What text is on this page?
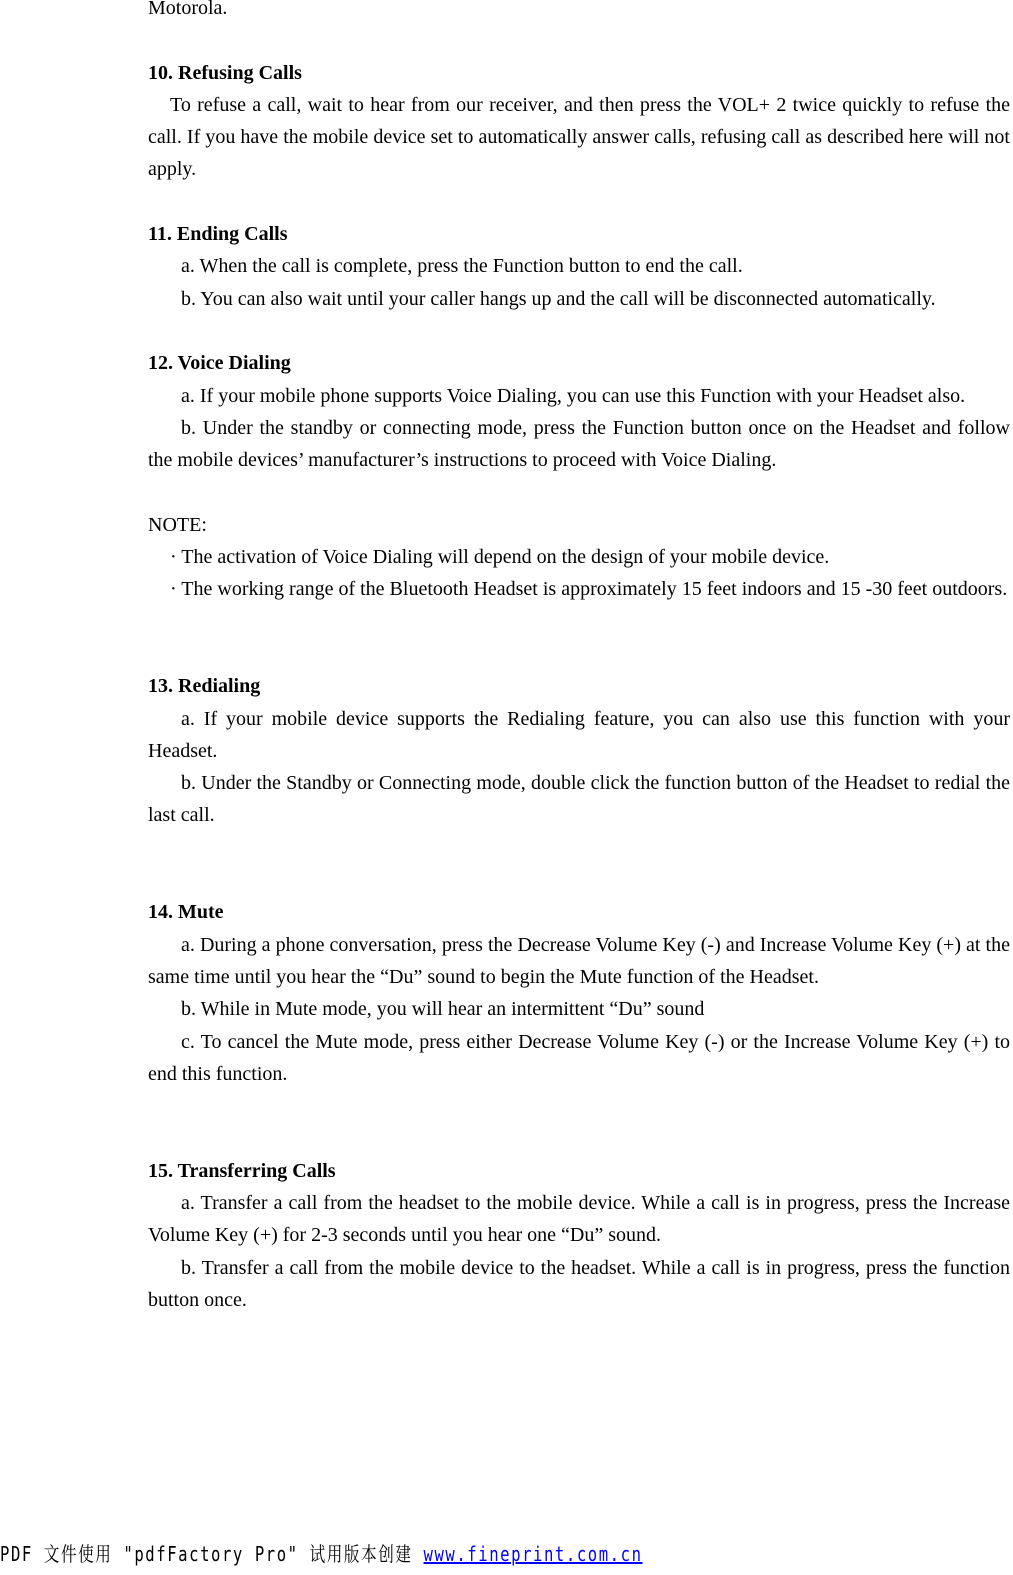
Motorola.

10. Refusing Calls

To refuse a call, wait to hear from our receiver, and then press the VOL+ 2 twice quickly to refuse the call. If you have the mobile device set to automatically answer calls, refusing call as described here will not apply.

11. Ending Calls

a. When the call is complete, press the Function button to end the call.

b. You can also wait until your caller hangs up and the call will be disconnected automatically.

12. Voice Dialing

a. If your mobile phone supports Voice Dialing, you can use this Function with your Headset also.

b. Under the standby or connecting mode, press the Function button once on the Headset and follow the mobile devices’ manufacturer’s instructions to proceed with Voice Dialing.

NOTE:

· The activation of Voice Dialing will depend on the design of your mobile device.

· The working range of the Bluetooth Headset is approximately 15 feet indoors and 15 -30 feet outdoors.

13. Redialing

a. If your mobile device supports the Redialing feature, you can also use this function with your Headset.

b. Under the Standby or Connecting mode, double click the function button of the Headset to redial the last call.

14. Mute

a. During a phone conversation, press the Decrease Volume Key (-) and Increase Volume Key (+) at the same time until you hear the “Du” sound to begin the Mute function of the Headset.

b. While in Mute mode, you will hear an intermittent “Du” sound

c. To cancel the Mute mode, press either Decrease Volume Key (-) or the Increase Volume Key (+) to end this function.

15. Transferring Calls

a. Transfer a call from the headset to the mobile device. While a call is in progress, press the Increase Volume Key (+) for 2-3 seconds until you hear one “Du” sound.

b. Transfer a call from the mobile device to the headset. While a call is in progress, press the function button once.

PDF 文件使用 "pdfFactory Pro" 试用版本创建 www.fineprint.com.cn
